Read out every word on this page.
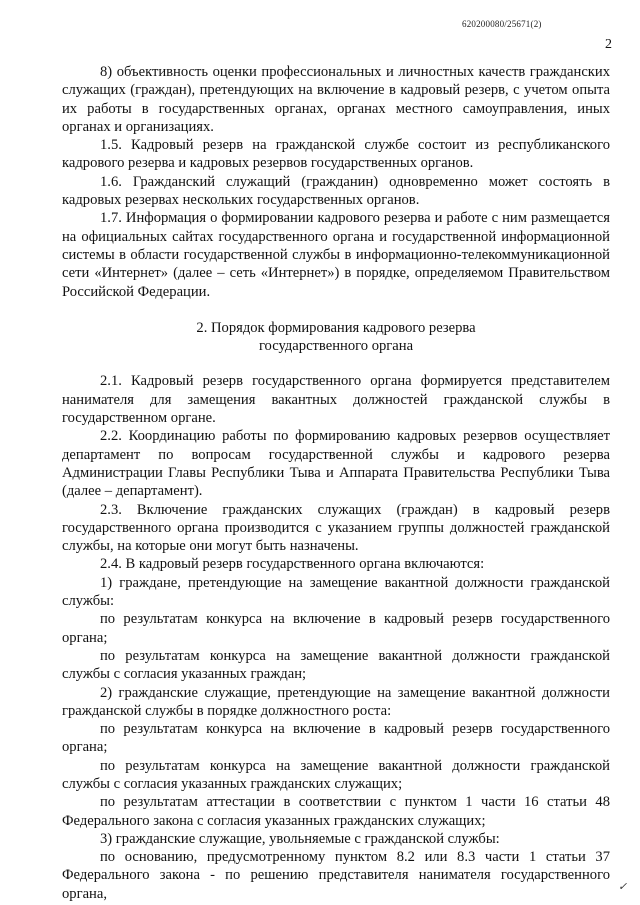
620200080/25671(2)
2

8) объективность оценки профессиональных и личностных качеств гражданских служащих (граждан), претендующих на включение в кадровый резерв, с учетом опыта их работы в государственных органах, органах местного самоуправления, иных органах и организациях.

1.5. Кадровый резерв на гражданской службе состоит из республиканского кадрового резерва и кадровых резервов государственных органов.

1.6. Гражданский служащий (гражданин) одновременно может состоять в кадровых резервах нескольких государственных органов.

1.7. Информация о формировании кадрового резерва и работе с ним размещается на официальных сайтах государственного органа и государственной информационной системы в области государственной службы в информационно-телекоммуникационной сети «Интернет» (далее – сеть «Интернет») в порядке, определяемом Правительством Российской Федерации.

2. Порядок формирования кадрового резерва
государственного органа

2.1. Кадровый резерв государственного органа формируется представителем нанимателя для замещения вакантных должностей гражданской службы в государственном органе.

2.2. Координацию работы по формированию кадровых резервов осуществляет департамент по вопросам государственной службы и кадрового резерва Администрации Главы Республики Тыва и Аппарата Правительства Республики Тыва (далее – департамент).

2.3. Включение гражданских служащих (граждан) в кадровый резерв государственного органа производится с указанием группы должностей гражданской службы, на которые они могут быть назначены.

2.4. В кадровый резерв государственного органа включаются:

1) граждане, претендующие на замещение вакантной должности гражданской службы:

по результатам конкурса на включение в кадровый резерв государственного органа;

по результатам конкурса на замещение вакантной должности гражданской службы с согласия указанных граждан;

2) гражданские служащие, претендующие на замещение вакантной должности гражданской службы в порядке должностного роста:

по результатам конкурса на включение в кадровый резерв государственного органа;

по результатам конкурса на замещение вакантной должности гражданской службы с согласия указанных гражданских служащих;

по результатам аттестации в соответствии с пунктом 1 части 16 статьи 48 Федерального закона с согласия указанных гражданских служащих;

3) гражданские служащие, увольняемые с гражданской службы:

по основанию, предусмотренному пунктом 8.2 или 8.3 части 1 статьи 37 Федерального закона - по решению представителя нанимателя государственного органа,	✓
